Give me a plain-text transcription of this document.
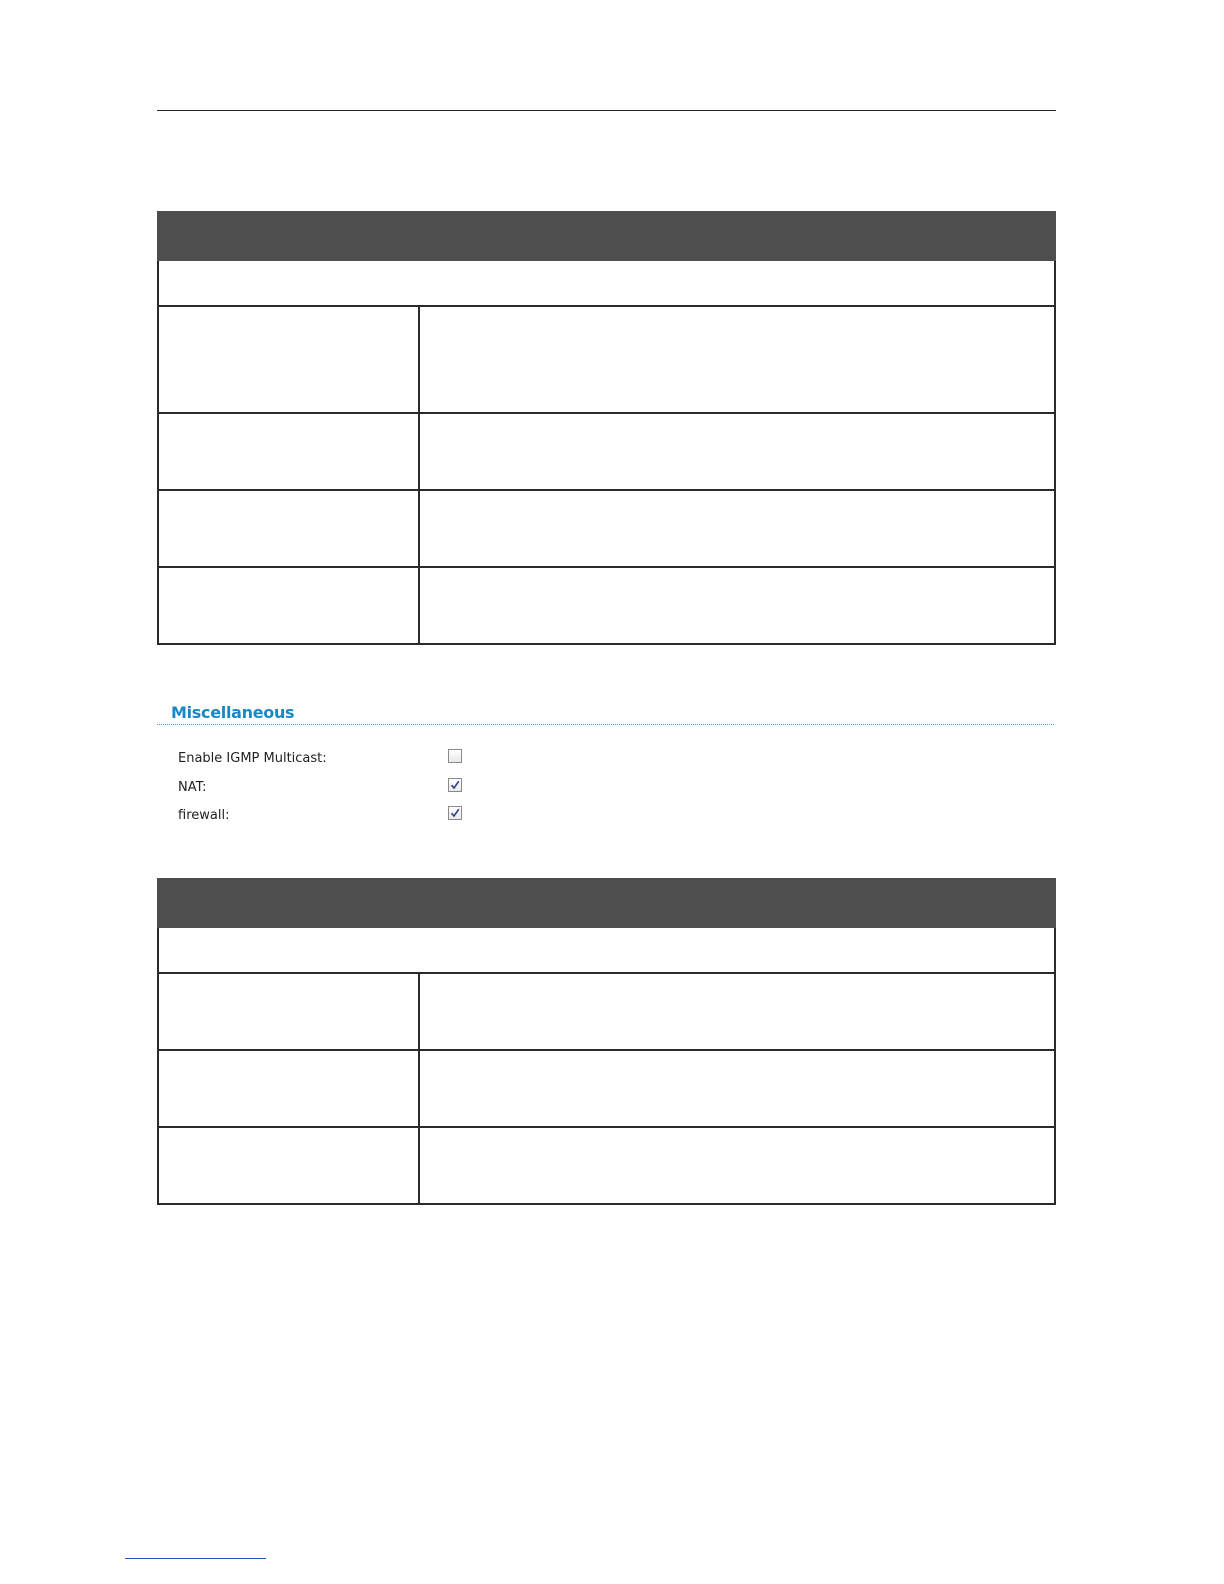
Miscellaneous
Enable IGMP Multicast:
NAT:
firewall:
